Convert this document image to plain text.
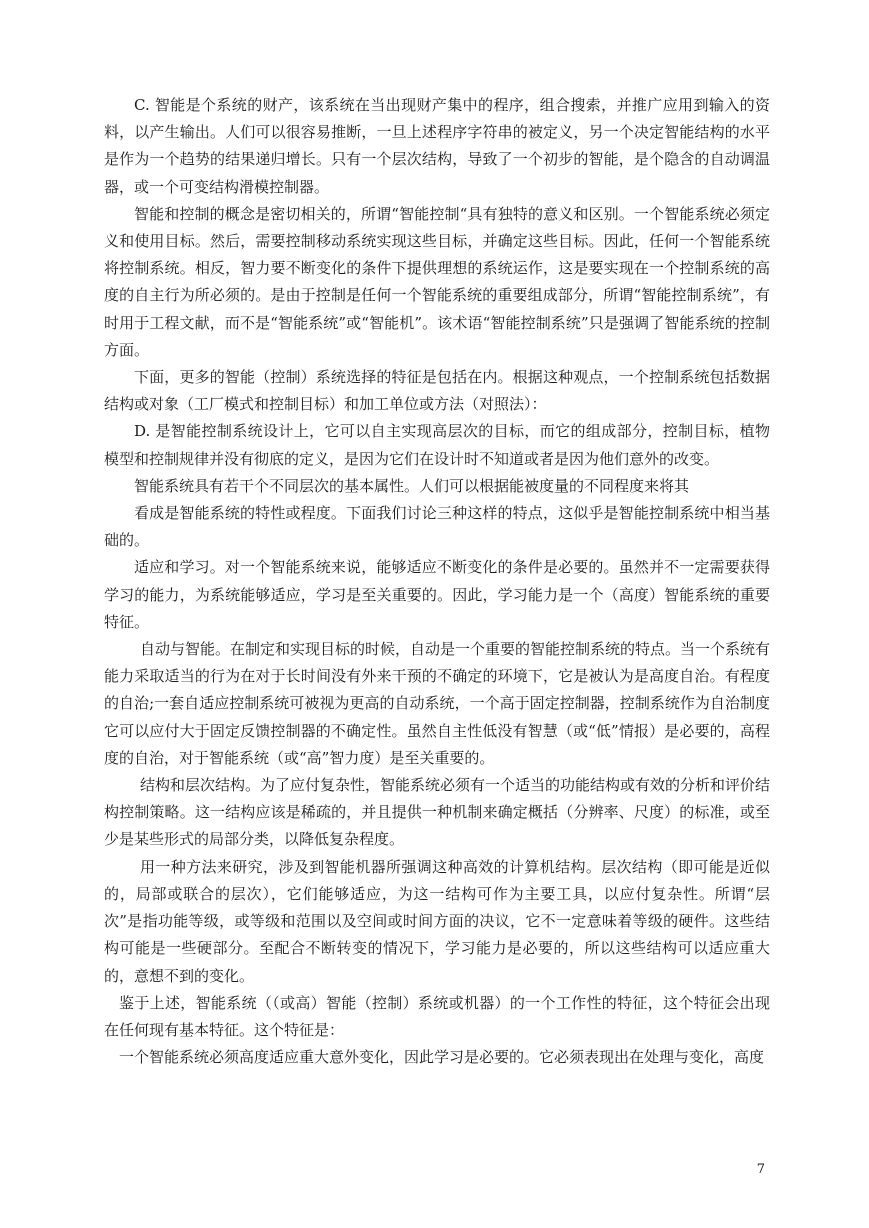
C. 智能是个系统的财产，该系统在当出现财产集中的程序，组合搜索，并推广应用到输入的资料，以产生输出。人们可以很容易推断，一旦上述程序字符串的被定义，另一个决定智能结构的水平是作为一个趋势的结果递归增长。只有一个层次结构，导致了一个初步的智能，是个隐含的自动调温器，或一个可变结构滑模控制器。

智能和控制的概念是密切相关的，所谓“智能控制“具有独特的意义和区别。一个智能系统必须定义和使用目标。然后，需要控制移动系统实现这些目标，并确定这些目标。因此，任何一个智能系统将控制系统。相反，智力要不断变化的条件下提供理想的系统运作，这是要实现在一个控制系统的高度的自主行为所必须的。是由于控制是任何一个智能系统的重要组成部分，所谓“智能控制系统”，有时用于工程文献，而不是“智能系统”或“智能机”。该术语“智能控制系统”只是强调了智能系统的控制方面。

下面，更多的智能（控制）系统选择的特征是包括在内。根据这种观点，一个控制系统包括数据结构或对象（工厂模式和控制目标）和加工单位或方法（对照法）：

D. 是智能控制系统设计上，它可以自主实现高层次的目标，而它的组成部分，控制目标，植物模型和控制规律并没有彻底的定义，是因为它们在设计时不知道或者是因为他们意外的改变。

智能系统具有若干个不同层次的基本属性。人们可以根据能被度量的不同程度来将其

看成是智能系统的特性或程度。下面我们讨论三种这样的特点，这似乎是智能控制系统中相当基础的。

适应和学习。对一个智能系统来说，能够适应不断变化的条件是必要的。虽然并不一定需要获得学习的能力，为系统能够适应，学习是至关重要的。因此，学习能力是一个（高度）智能系统的重要特征。

自动与智能。在制定和实现目标的时候，自动是一个重要的智能控制系统的特点。当一个系统有能力采取适当的行为在对于长时间没有外来干预的不确定的环境下，它是被认为是高度自治。有程度的自治;一套自适应控制系统可被视为更高的自动系统，一个高于固定控制器，控制系统作为自治制度它可以应付大于固定反馈控制器的不确定性。虽然自主性低没有智慧（或“低”情报）是必要的，高程度的自治，对于智能系统（或“高”智力度）是至关重要的。

结构和层次结构。为了应付复杂性，智能系统必须有一个适当的功能结构或有效的分析和评价结构控制策略。这一结构应该是稀疏的，并且提供一种机制来确定概括（分辨率、尺度）的标准，或至少是某些形式的局部分类，以降低复杂程度。

用一种方法来研究，涉及到智能机器所强调这种高效的计算机结构。层次结构（即可能是近似的，局部或联合的层次），它们能够适应，为这一结构可作为主要工具，以应付复杂性。所谓“层次”是指功能等级，或等级和范围以及空间或时间方面的决议，它不一定意味着等级的硬件。这些结构可能是一些硬部分。至配合不断转变的情况下，学习能力是必要的，所以这些结构可以适应重大的，意想不到的变化。

鉴于上述，智能系统（（或高）智能（控制）系统或机器）的一个工作性的特征，这个特征会出现在任何现有基本特征。这个特征是：

一个智能系统必须高度适应重大意外变化，因此学习是必要的。它必须表现出在处理与变化，高度

7
